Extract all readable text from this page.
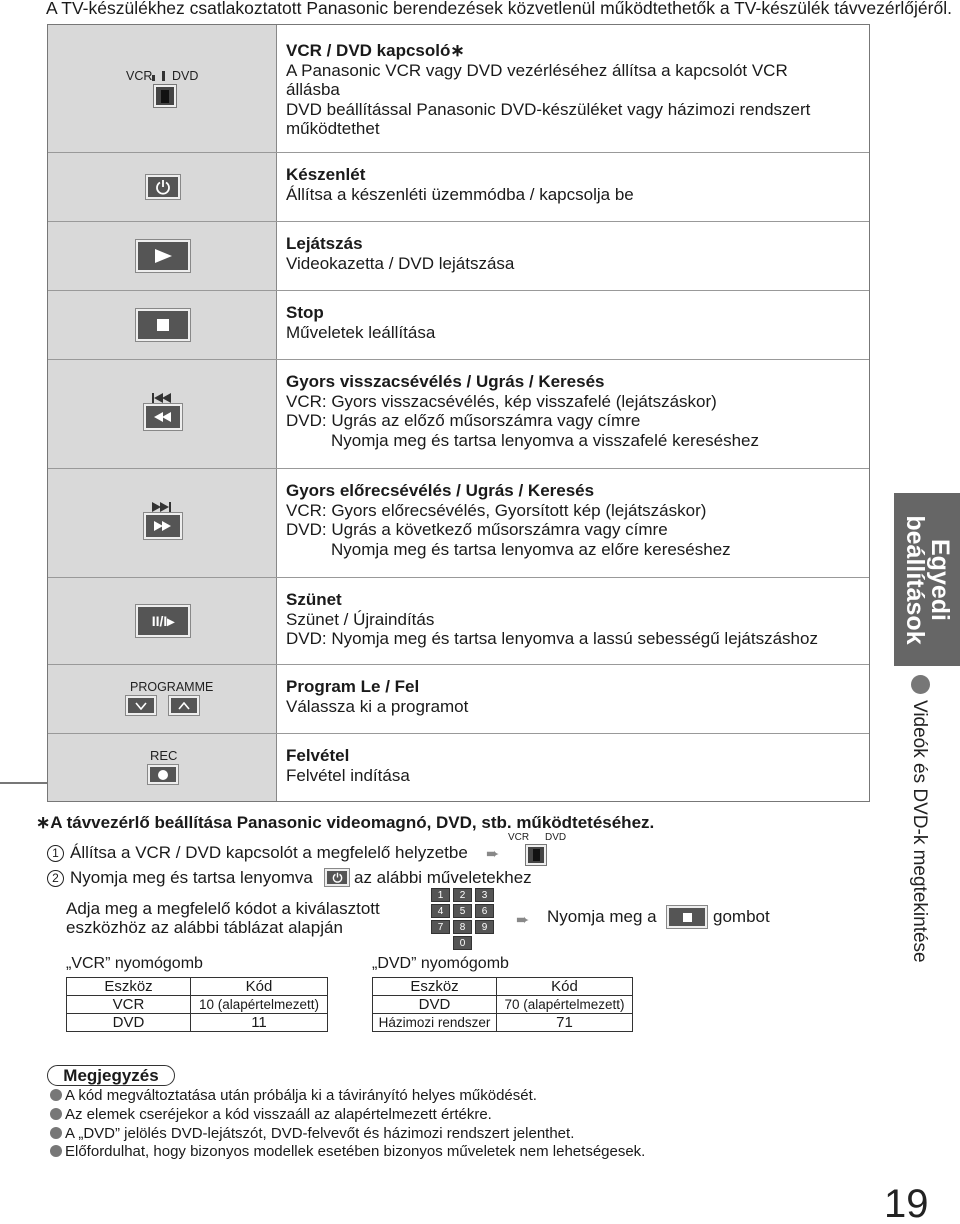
A TV-készülékhez csatlakoztatott Panasonic berendezések közvetlenül működtethetők a TV-készülék távvezérlőjéről.
VCR DVD
VCR / DVD kapcsoló∗
A Panasonic VCR vagy DVD vezérléséhez állítsa a kapcsolót VCR
állásba
DVD beállítással Panasonic DVD-készüléket vagy házimozi rendszert
működtethet
Készenlét
Állítsa a készenléti üzemmódba / kapcsolja be
Lejátszás
Videokazetta / DVD lejátszása
Stop
Műveletek leállítása
Gyors visszacsévélés / Ugrás / Keresés
VCR: Gyors visszacsévélés, kép visszafelé (lejátszáskor)
DVD: Ugrás az előző műsorszámra vagy címre
Nyomja meg és tartsa lenyomva a visszafelé kereséshez
Gyors előrecsévélés / Ugrás / Keresés
VCR: Gyors előrecsévélés, Gyorsított kép (lejátszáskor)
DVD: Ugrás a következő műsorszámra vagy címre
Nyomja meg és tartsa lenyomva az előre kereséshez
II/I▸
Szünet
Szünet / Újraindítás
DVD: Nyomja meg és tartsa lenyomva a lassú sebességű lejátszáshoz
PROGRAMME	Program Le / Fel
Válassza ki a programot
REC	Felvétel
Felvétel indítása
Egyedi
beállítások
Videók és DVD-k megtekintése
∗A távvezérlő beállítása Panasonic videomagnó, DVD, stb. működtetéséhez.
1 Állítsa a VCR / DVD kapcsolót a megfelelő helyzetbe ➨
VCR DVD
2 Nyomja meg és tartsa lenyomva az alábbi műveletekhez
Adja meg a megfelelő kódot a kiválasztott
eszközhöz az alábbi táblázat alapján
1	2	3
4	5	6
7	8	9
0
➨ Nyomja meg a	gombot
„VCR” nyomógomb
Eszköz	Kód
VCR	10 (alapértelmezett)
DVD	11
„DVD” nyomógomb
Eszköz	Kód
DVD	70 (alapértelmezett)
Házimozi rendszer	71
Megjegyzés
A kód megváltoztatása után próbálja ki a távirányító helyes működését.
Az elemek cseréjekor a kód visszaáll az alapértelmezett értékre.
A „DVD” jelölés DVD-lejátszót, DVD-felvevőt és házimozi rendszert jelenthet.
Előfordulhat, hogy bizonyos modellek esetében bizonyos műveletek nem lehetségesek.
19
